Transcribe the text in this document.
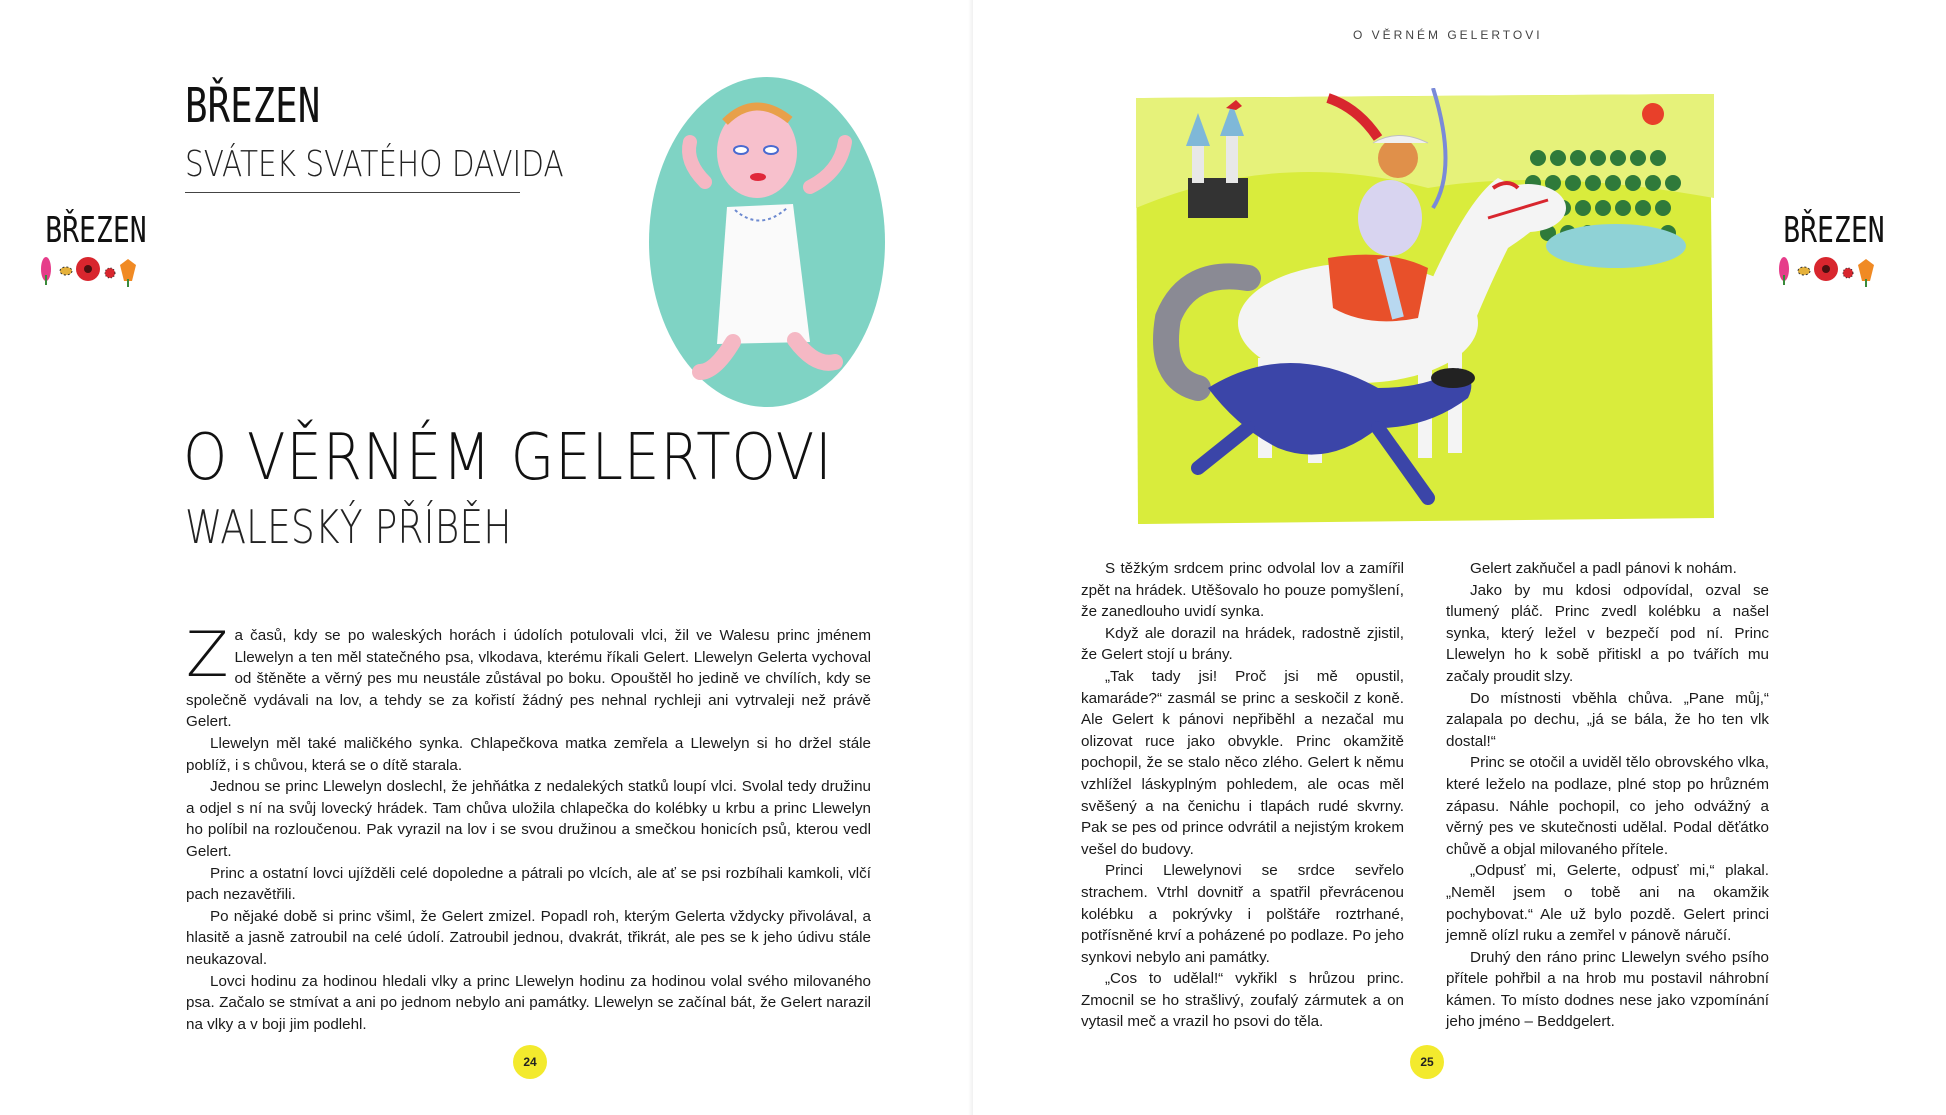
BŘEZEN
SVÁTEK SVATÉHO DAVIDA
BŘEZEN
O VĚRNÉM GELERTOVI
WALESKÝ PŘÍBĚH

Za časů, kdy se po waleských horách i údolích potulovali vlci, žil ve Walesu princ jménem Llewelyn a ten měl statečného psa, vlkodava, kterému říkali Gelert. Llewelyn Gelerta vychoval od štěněte a věrný pes mu neustále zůstával po boku. Opouštěl ho jedině ve chvílích, kdy se společně vydávali na lov, a tehdy se za kořistí žádný pes nehnal rychleji ani vytrvaleji než právě Gelert.

Llewelyn měl také maličkého synka. Chlapečkova matka zemřela a Llewelyn si ho držel stále poblíž, i s chůvou, která se o dítě starala.

Jednou se princ Llewelyn doslechl, že jehňátka z nedalekých statků loupí vlci. Svolal tedy družinu a odjel s ní na svůj lovecký hrádek. Tam chůva uložila chlapečka do kolébky u krbu a princ Llewelyn ho políbil na rozloučenou. Pak vyrazil na lov i se svou družinou a smečkou honicích psů, kterou vedl Gelert.

Princ a ostatní lovci ujížděli celé dopoledne a pátrali po vlcích, ale ať se psi rozbíhali kamkoli, vlčí pach nezavětřili.

Po nějaké době si princ všiml, že Gelert zmizel. Popadl roh, kterým Gelerta vždycky přivolával, a hlasitě a jasně zatroubil na celé údolí. Zatroubil jednou, dvakrát, třikrát, ale pes se k jeho údivu stále neukazoval.

Lovci hodinu za hodinou hledali vlky a princ Llewelyn hodinu za hodinou volal svého milovaného psa. Začalo se stmívat a ani po jednom nebylo ani památky. Llewelyn se začínal bát, že Gelert narazil na vlky a v boji jim podlehl.

24
O VĚRNÉM GELERTOVI
BŘEZEN

S těžkým srdcem princ odvolal lov a zamířil zpět na hrádek. Utěšovalo ho pouze pomyšlení, že zanedlouho uvidí synka.

Když ale dorazil na hrádek, radostně zjistil, že Gelert stojí u brány.

„Tak tady jsi! Proč jsi mě opustil, kamaráde?“ zasmál se princ a seskočil z koně. Ale Gelert k pánovi nepřiběhl a nezačal mu olizovat ruce jako obvykle. Princ okamžitě pochopil, že se stalo něco zlého. Gelert k němu vzhlížel láskyplným pohledem, ale ocas měl svěšený a na čenichu i tlapách rudé skvrny. Pak se pes od prince odvrátil a nejistým krokem vešel do budovy.

Princi Llewelynovi se srdce sevřelo strachem. Vtrhl dovnitř a spatřil převrácenou kolébku a pokrývky i polštáře roztrhané, potřísněné krví a poházené po podlaze. Po jeho synkovi nebylo ani památky.

„Cos to udělal!“ vykřikl s hrůzou princ. Zmocnil se ho strašlivý, zoufalý zármutek a on vytasil meč a vrazil ho psovi do těla.

Gelert zakňučel a padl pánovi k nohám.

Jako by mu kdosi odpovídal, ozval se tlumený pláč. Princ zvedl kolébku a našel synka, který ležel v bezpečí pod ní. Princ Llewelyn ho k sobě přitiskl a po tvářích mu začaly proudit slzy.

Do místnosti vběhla chůva. „Pane můj,“ zalapala po dechu, „já se bála, že ho ten vlk dostal!“

Princ se otočil a uviděl tělo obrovského vlka, které leželo na podlaze, plné stop po hrůzném zápasu. Náhle pochopil, co jeho odvážný a věrný pes ve skutečnosti udělal. Podal děťátko chůvě a objal milovaného přítele.

„Odpusť mi, Gelerte, odpusť mi,“ plakal. „Neměl jsem o tobě ani na okamžik pochybovat.“ Ale už bylo pozdě. Gelert princi jemně olízl ruku a zemřel v pánově náručí.

Druhý den ráno princ Llewelyn svého psího přítele pohřbil a na hrob mu postavil náhrobní kámen. To místo dodnes nese jako vzpomínání jeho jméno – Beddgelert.

25
